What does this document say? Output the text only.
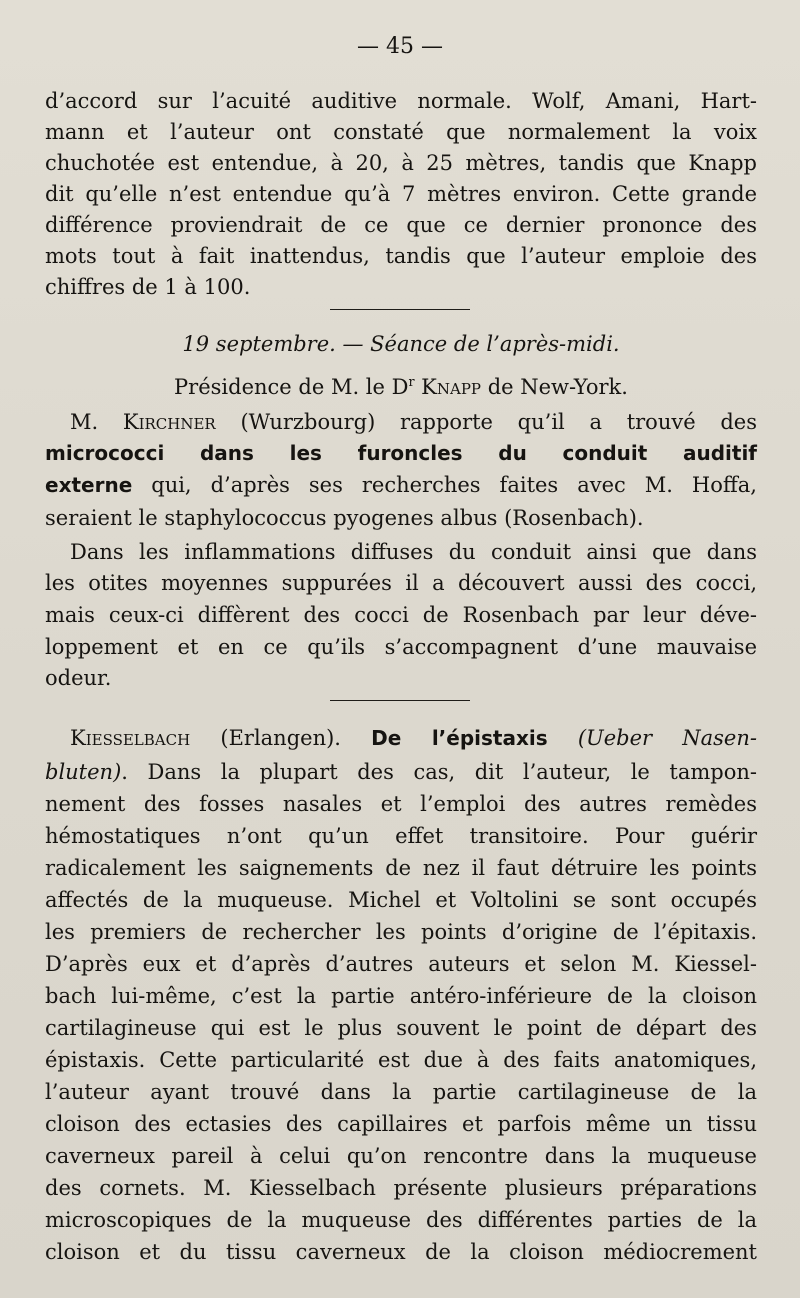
— 45 —
d’accord sur l’acuité auditive normale. Wolf, Amani, Hart-
mann et l’auteur ont constaté que normalement la voix
chuchotée est entendue, à 20, à 25 mètres, tandis que Knapp
dit qu’elle n’est entendue qu’à 7 mètres environ. Cette grande
différence proviendrait de ce que ce dernier prononce des
mots tout à fait inattendus, tandis que l’auteur emploie des
chiffres de 1 à 100.
19 septembre. — Séance de l’après-midi.
Présidence de M. le $D^r$ Knapp de New-York.
M. Kirchner (Wurzbourg) rapporte qu’il a trouvé des
micrococci dans les furoncles du conduit auditif
externe qui, d’après ses recherches faites avec M. Hoffa,
seraient le staphylococcus pyogenes albus (Rosenbach).
Dans les inflammations diffuses du conduit ainsi que dans
les otites moyennes suppurées il a découvert aussi des cocci,
mais ceux-ci diffèrent des cocci de Rosenbach par leur déve-
loppement et en ce qu’ils s’accompagnent d’une mauvaise
odeur.
Kiesselbach (Erlangen). De l’épistaxis (Ueber Nasen-
bluten). Dans la plupart des cas, dit l’auteur, le tampon-
nement des fosses nasales et l’emploi des autres remèdes
hémostatiques n’ont qu’un effet transitoire. Pour guérir
radicalement les saignements de nez il faut détruire les points
affectés de la muqueuse. Michel et Voltolini se sont occupés
les premiers de rechercher les points d’origine de l’épitaxis.
D’après eux et d’après d’autres auteurs et selon M. Kiessel-
bach lui-même, c’est la partie antéro-inférieure de la cloison
cartilagineuse qui est le plus souvent le point de départ des
épistaxis. Cette particularité est due à des faits anatomiques,
l’auteur ayant trouvé dans la partie cartilagineuse de la
cloison des ectasies des capillaires et parfois même un tissu
caverneux pareil à celui qu’on rencontre dans la muqueuse
des cornets. M. Kiesselbach présente plusieurs préparations
microscopiques de la muqueuse des différentes parties de la
cloison et du tissu caverneux de la cloison médiocrement
